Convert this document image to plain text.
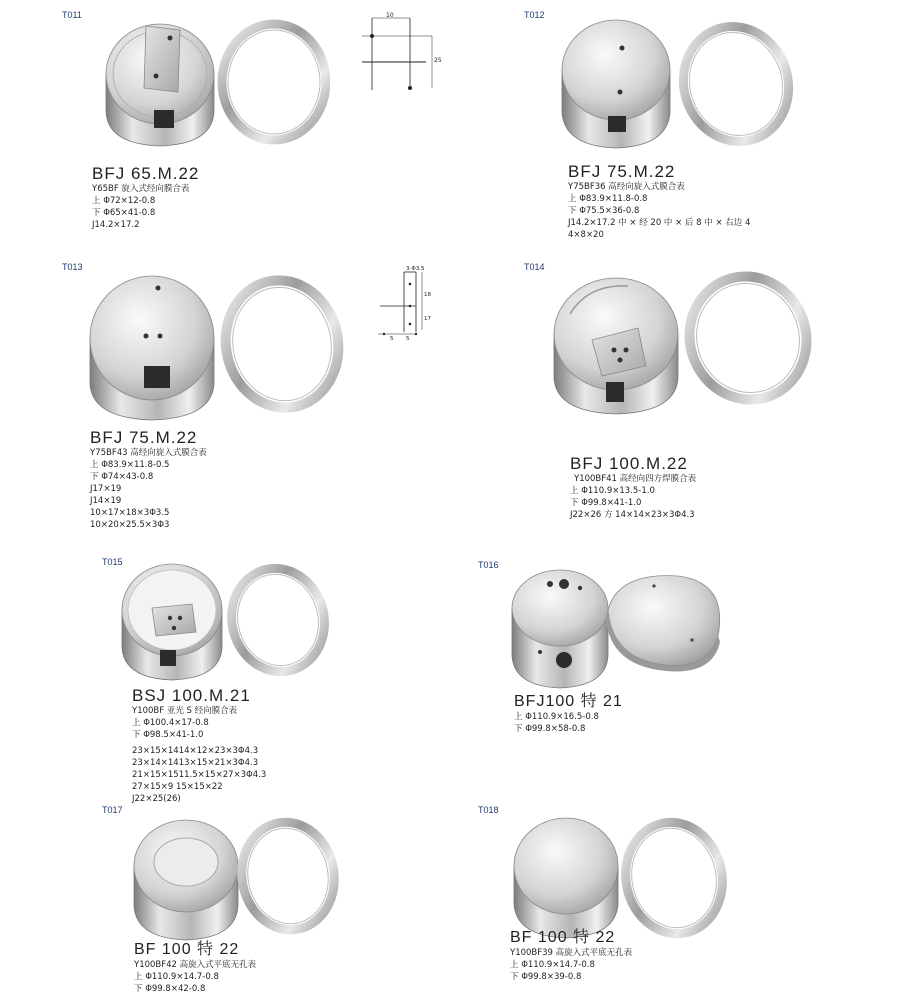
T011	10
25
BFJ 65.M.22
Y65BF 旋入式经向膜合表
上 Φ72×12-0.8
下 Φ65×41-0.8
J14.2×17.2
T012
BFJ 75.M.22
Y75BF36 高经向旋入式膜合表
上 Φ83.9×11.8-0.8
下 Φ75.5×36-0.8
J14.2×17.2 中 × 经 20 中 × 后 8 中 × 右边 4
4×8×20
T013	3-Φ3.5
18
17
5 5
BFJ 75.M.22
Y75BF43 高经向旋入式膜合表
上 Φ83.9×11.8-0.5
下 Φ74×43-0.8
J17×19
J14×19
10×17×18×3Φ3.5
10×20×25.5×3Φ3
T014
BFJ 100.M.22
Y100BF41 高经向四方焊膜合表
上 Φ110.9×13.5-1.0
下 Φ99.8×41-1.0
J22×26 方 14×14×23×3Φ4.3
T015
BSJ 100.M.21
Y100BF 亚光 S 经向膜合表
上 Φ100.4×17-0.8
下 Φ98.5×41-1.0
23×15×1414×12×23×3Φ4.3
23×14×1413×15×21×3Φ4.3
21×15×1511.5×15×27×3Φ4.3
27×15×9 15×15×22
J22×25(26)
T016
BFJ100 特 21
上 Φ110.9×16.5-0.8
下 Φ99.8×58-0.8
T017
BF 100 特 22
Y100BF42 高旋入式平底无孔表
上 Φ110.9×14.7-0.8
下 Φ99.8×42-0.8
T018
BF 100 特 22
Y100BF39 高旋入式平底无孔表
上 Φ110.9×14.7-0.8
下 Φ99.8×39-0.8
